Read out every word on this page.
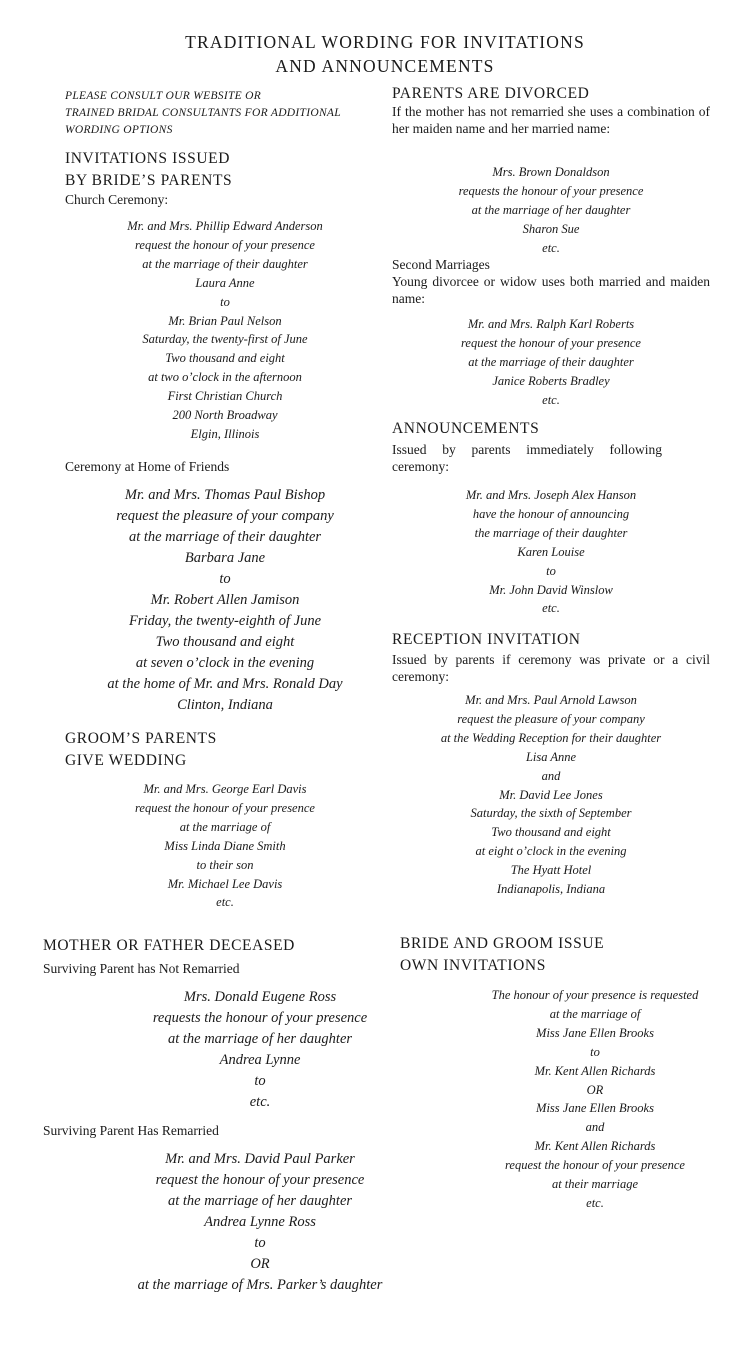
TRADITIONAL WORDING FOR INVITATIONS
AND ANNOUNCEMENTS
PLEASE CONSULT OUR WEBSITE OR
TRAINED BRIDAL CONSULTANTS FOR ADDITIONAL
WORDING OPTIONS
INVITATIONS ISSUED
BY BRIDE’S PARENTS
Church Ceremony:
Mr. and Mrs. Phillip Edward Anderson
request the honour of your presence
at the marriage of their daughter
Laura Anne
to
Mr. Brian Paul Nelson
Saturday, the twenty-first of June
Two thousand and eight
at two o’clock in the afternoon
First Christian Church
200 North Broadway
Elgin, Illinois
Ceremony at Home of Friends
Mr. and Mrs. Thomas Paul Bishop
request the pleasure of your company
at the marriage of their daughter
Barbara Jane
to
Mr. Robert Allen Jamison
Friday, the twenty-eighth of June
Two thousand and eight
at seven o’clock in the evening
at the home of Mr. and Mrs. Ronald Day
Clinton, Indiana
GROOM’S PARENTS
GIVE WEDDING
Mr. and Mrs. George Earl Davis
request the honour of your presence
at the marriage of
Miss Linda Diane Smith
to their son
Mr. Michael Lee Davis
etc.
PARENTS ARE DIVORCED
If the mother has not remarried she uses a combination of her maiden name and her married name:
Mrs. Brown Donaldson
requests the honour of your presence
at the marriage of her daughter
Sharon Sue
etc.
Second Marriages
Young divorcee or widow uses both married and maiden name:
Mr. and Mrs. Ralph Karl Roberts
request the honour of your presence
at the marriage of their daughter
Janice Roberts Bradley
etc.
ANNOUNCEMENTS
Issued by parents immediately following ceremony:
Mr. and Mrs. Joseph Alex Hanson
have the honour of announcing
the marriage of their daughter
Karen Louise
to
Mr. John David Winslow
etc.
RECEPTION INVITATION
Issued by parents if ceremony was private or a civil ceremony:
Mr. and Mrs. Paul Arnold Lawson
request the pleasure of your company
at the Wedding Reception for their daughter
Lisa Anne
and
Mr. David Lee Jones
Saturday, the sixth of September
Two thousand and eight
at eight o’clock in the evening
The Hyatt Hotel
Indianapolis, Indiana
MOTHER OR FATHER DECEASED
Surviving Parent has Not Remarried
Mrs. Donald Eugene Ross
requests the honour of your presence
at the marriage of her daughter
Andrea Lynne
to
etc.
Surviving Parent Has Remarried
Mr. and Mrs. David Paul Parker
request the honour of your presence
at the marriage of her daughter
Andrea Lynne Ross
to
OR
at the marriage of Mrs. Parker’s daughter
BRIDE AND GROOM ISSUE
OWN INVITATIONS
The honour of your presence is requested
at the marriage of
Miss Jane Ellen Brooks
to
Mr. Kent Allen Richards
OR
Miss Jane Ellen Brooks
and
Mr. Kent Allen Richards
request the honour of your presence
at their marriage
etc.
